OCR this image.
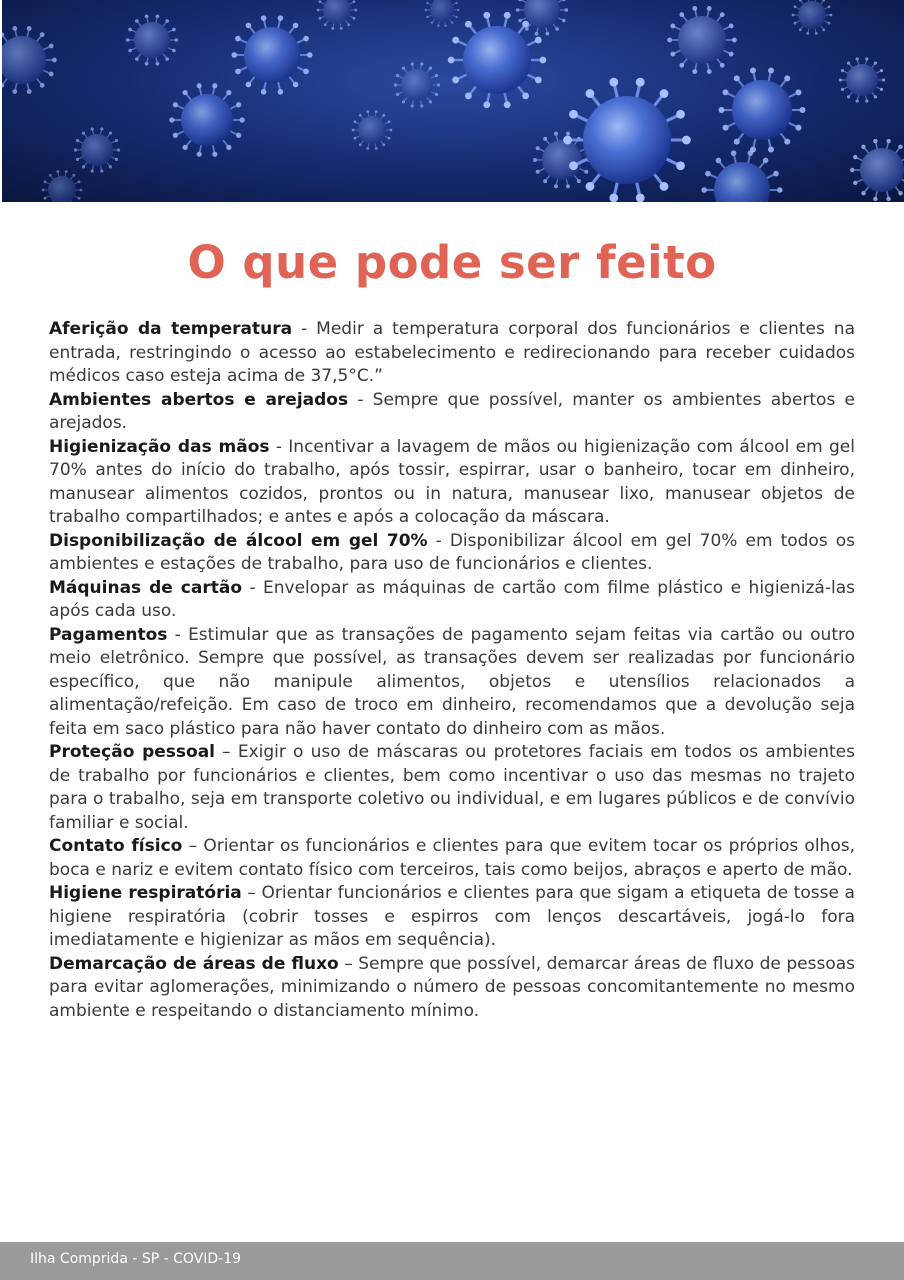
O que pode ser feito

Aferição da temperatura - Medir a temperatura corporal dos funcionários e clientes na entrada, restringindo o acesso ao estabelecimento e redirecionando para receber cuidados médicos caso esteja acima de 37,5°C.”

Ambientes abertos e arejados - Sempre que possível, manter os ambientes abertos e arejados.

Higienização das mãos - Incentivar a lavagem de mãos ou higienização com álcool em gel 70% antes do início do trabalho, após tossir, espirrar, usar o banheiro, tocar em dinheiro, manusear alimentos cozidos, prontos ou in natura, manusear lixo, manusear objetos de trabalho compartilhados; e antes e após a colocação da máscara.

Disponibilização de álcool em gel 70% - Disponibilizar álcool em gel 70% em todos os ambientes e estações de trabalho, para uso de funcionários e clientes.

Máquinas de cartão - Envelopar as máquinas de cartão com filme plástico e higienizá-las após cada uso.

Pagamentos - Estimular que as transações de pagamento sejam feitas via cartão ou outro meio eletrônico. Sempre que possível, as transações devem ser realizadas por funcionário específico, que não manipule alimentos, objetos e utensílios relacionados a alimentação/refeição. Em caso de troco em dinheiro, recomendamos que a devolução seja feita em saco plástico para não haver contato do dinheiro com as mãos.

Proteção pessoal – Exigir o uso de máscaras ou protetores faciais em todos os ambientes de trabalho por funcionários e clientes, bem como incentivar o uso das mesmas no trajeto para o trabalho, seja em transporte coletivo ou individual, e em lugares públicos e de convívio familiar e social.

Contato físico – Orientar os funcionários e clientes para que evitem tocar os próprios olhos, boca e nariz e evitem contato físico com terceiros, tais como beijos, abraços e aperto de mão.

Higiene respiratória – Orientar funcionários e clientes para que sigam a etiqueta de tosse a higiene respiratória (cobrir tosses e espirros com lenços descartáveis, jogá-lo fora imediatamente e higienizar as mãos em sequência).

Demarcação de áreas de fluxo – Sempre que possível, demarcar áreas de fluxo de pessoas para evitar aglomerações, minimizando o número de pessoas concomitantemente no mesmo ambiente e respeitando o distanciamento mínimo.

Ilha Comprida - SP - COVID-19
